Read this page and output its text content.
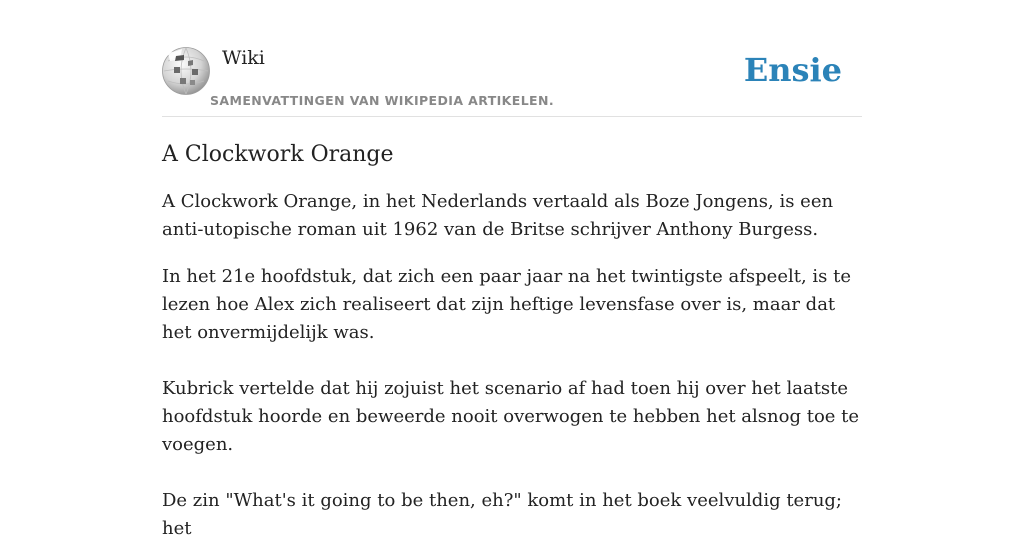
Wiki
SAMENVATTINGEN VAN WIKIPEDIA ARTIKELEN.
Ensie
A Clockwork Orange

A Clockwork Orange, in het Nederlands vertaald als Boze Jongens, is een anti-utopische roman uit 1962 van de Britse schrijver Anthony Burgess.

In het 21e hoofdstuk, dat zich een paar jaar na het twintigste afspeelt, is te lezen hoe Alex zich realiseert dat zijn heftige levensfase over is, maar dat het onvermijdelijk was.

Kubrick vertelde dat hij zojuist het scenario af had toen hij over het laatste hoofdstuk hoorde en beweerde nooit overwogen te hebben het alsnog toe te voegen.

De zin "What's it going to be then, eh?" komt in het boek veelvuldig terug; het
